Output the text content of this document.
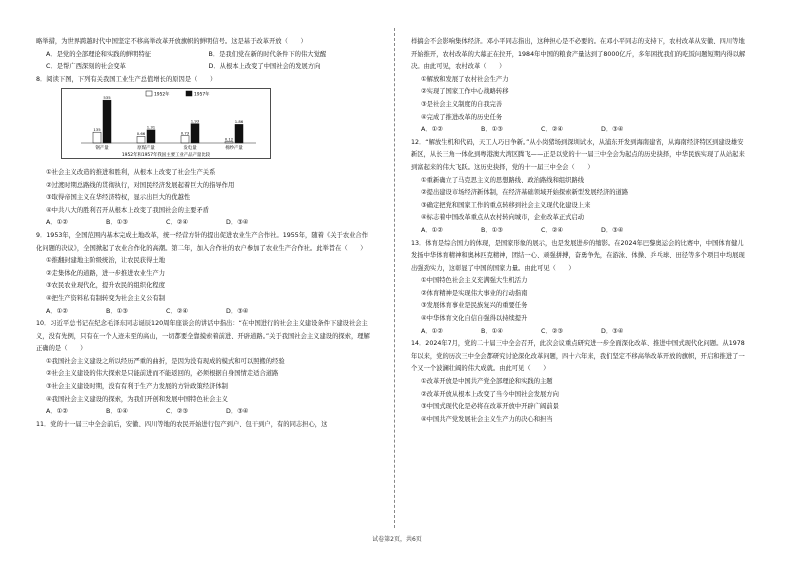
略举措，为世界跨越时代中国坚定不移高举改革开放旗帜的鲜明信号。这是基于改革开放（　　）

A．是党的全部理论和实践的鲜明特征	B．是我们党在新的时代条件下的伟大觉醒
C．是帮广西深刻的社会变革	D．从根本上改变了中国社会的发展方向

8．阅读下图，下列有关我国工业生产总值增长的原因是（　　）

1952年	1957年
135
535
0.66
1.31
0.73
1.93
0.12
1.86
钢产量	原煤产量	发电量	棉纱产量
1952年和1957年我国主要工业产品产量比较

①社会主义改造的推进和胜利，从根本上改变了社会生产关系

②过渡时期总路线的贯彻执行，对国民经济发展起着巨大的指导作用

③取得帝国主义在华经济特权，显示出巨大的优越性

④中共八大的胜利召开从根本上改变了我国社会的主要矛盾

A．①②	B．①③	C．②④	D．③④

9．1953年，全国范围内基本完成土地改革，统一经营方针的提出促进农业生产合作社。1955年，随着《关于农业合作化问题的决议》，全国掀起了农业合作化的高潮。第二年，加入合作社的农户参加了农业生产合作社。此举旨在（　　）

①推翻封建地主阶级统治，让农民获得土地

②走集体化的道路，进一步推进农业生产力

③农民农业现代化，提升农民的组织化程度

④把生产资料私有制转变为社会主义公有制

A．①②	B．①③	C．②④	D．③④

10．习近平总书记在纪念毛泽东同志诞辰120周年座谈会的讲话中指出：“在中国进行的社会主义建设条件下建设社会主义，没有先例，只有在一个人迹未至的高山，一切都要全靠摸索着前进、开辟道路。”关于我国社会主义建设的探索，理解正确的是（　　）

①我国社会主义建设之所以经历严重的曲折，是因为没有现成的模式和可以照搬的经验

②社会主义建设的伟大探索是只能前进而不能返回的，必须根据自身国情走适合道路

③社会主义建设时期，没有有利于生产力发展的方针政策经济体制

④我国社会主义建设的探索，为我们开创和发展中国特色社会主义

A．①②	B．①④	C．②③	D．③④

11．党的十一届三中全会前后，安徽、四川等地的农民开始进行包产到户、包干到户，有的同志担心，这

样搞会不会影响集体经济。邓小平同志指出，这种担心是不必要的。在邓小平同志的支持下，农村改革从安徽、四川等地开始推开，农村改革的大幕正在拉开，1984年中国的粮食产量达到了8000亿斤，多年困扰我们的吃饭问题短期内得以解决。由此可见，农村改革（　　）

①解放和发展了农村社会生产力

②实现了国家工作中心战略转移

③是社会主义制度的自我完善

④完成了推进改革的历史任务

A．①②	B．①③	C．②④	D．③④

12．“解放生机和代码，天工人巧日争新。”从小岗猪场到深圳试水，从浦东开发到海南建省，从海南经济特区到建设雄安新区，从长三角一体化到粤港澳大湾区腾飞——正是以党的十一届三中全会为起点的历史抉择，中华民族实现了从站起来到富起来的伟大飞跃。这历史抉择，党的十一届三中全会（　　）

①重新确立了马克思主义的思想路线、政治路线和组织路线

②提出建设市场经济新体制，在经济基础领域开始探索新型发展经济的道路

③确定把党和国家工作的重点转移到社会主义现代化建设上来

④标志着中国改革重点从农村转向城市，企业改革正式启动

A．①②	B．①③	C．②④	D．③④

13．体育是综合国力的体现，是国家形象的展示，也是发展进步的缩影。在2024年巴黎奥运会的比赛中，中国体育健儿发扬中华体育精神和奥林匹克精神，团结一心、顽强拼搏，奋勇争先，在游泳、体操、乒乓球、田径等多个项目中均展现出强劲实力，这彰显了中国的国家力量。由此可见（　　）

①中国特色社会主义充满强大生机活力

②体育精神是实现伟大事业的行动指南

③发展体育事业是民族复兴的重要任务

④中华体育文化自信自强得以持续提升

A．①②	B．①④	C．②③	D．③④

14．2024年7月，党的二十届三中全会召开，此次会议重点研究进一步全面深化改革、推进中国式现代化问题。从1978年以来，党的历次三中全会都研究讨论深化改革问题，四十六年来，我们坚定不移高举改革开放的旗帜，开启和推进了一个又一个波澜壮阔的伟大成就。由此可见（　　）

①改革开放是中国共产党全部理论和实践的主题

②改革开放从根本上改变了当今中国社会发展方向

③中国式现代化是必将在改革开放中开辟广阔前景

④中国共产党发展社会主义生产力的决心和担当

试卷第2页，共6页
